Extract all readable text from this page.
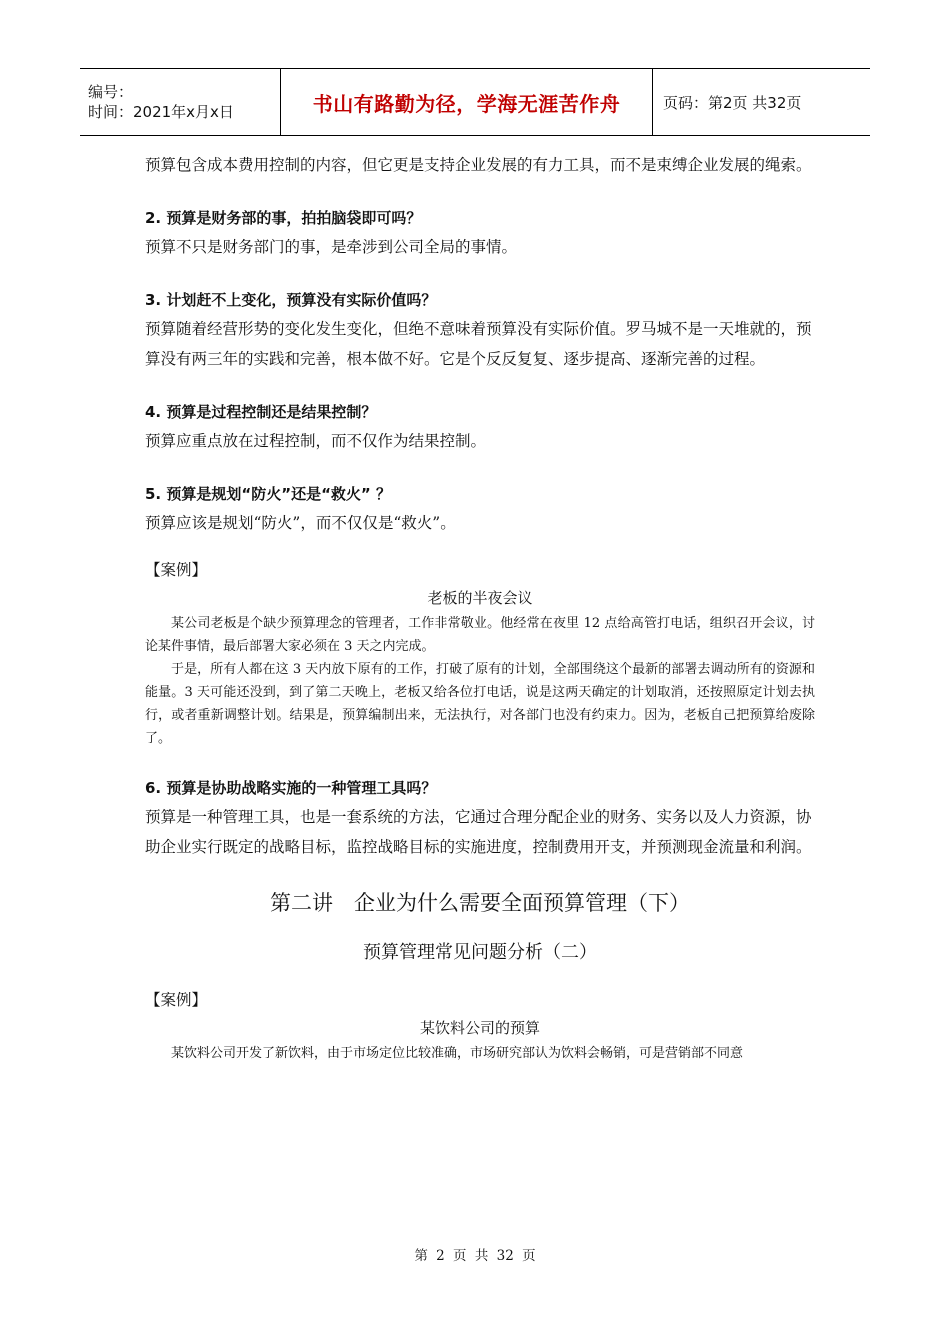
编号：
时间：2021年x月x日	书山有路勤为径，学海无涯苦作舟	页码：第2页 共32页

预算包含成本费用控制的内容，但它更是支持企业发展的有力工具，而不是束缚企业发展的绳索。

2. 预算是财务部的事，拍拍脑袋即可吗？

预算不只是财务部门的事，是牵涉到公司全局的事情。

3. 计划赶不上变化，预算没有实际价值吗？

预算随着经营形势的变化发生变化，但绝不意味着预算没有实际价值。罗马城不是一天堆就的，预算没有两三年的实践和完善，根本做不好。它是个反反复复、逐步提高、逐渐完善的过程。

4. 预算是过程控制还是结果控制？

预算应重点放在过程控制，而不仅作为结果控制。

5. 预算是规划“防火”还是“救火” ？

预算应该是规划“防火”，而不仅仅是“救火”。

【案例】

老板的半夜会议

某公司老板是个缺少预算理念的管理者，工作非常敬业。他经常在夜里 12 点给高管打电话，组织召开会议，讨论某件事情，最后部署大家必须在 3 天之内完成。

于是，所有人都在这 3 天内放下原有的工作，打破了原有的计划，全部围绕这个最新的部署去调动所有的资源和能量。3 天可能还没到，到了第二天晚上，老板又给各位打电话，说是这两天确定的计划取消，还按照原定计划去执行，或者重新调整计划。结果是，预算编制出来，无法执行，对各部门也没有约束力。因为，老板自己把预算给废除了。

6. 预算是协助战略实施的一种管理工具吗？

预算是一种管理工具，也是一套系统的方法，它通过合理分配企业的财务、实务以及人力资源，协助企业实行既定的战略目标，监控战略目标的实施进度，控制费用开支，并预测现金流量和利润。

第二讲　企业为什么需要全面预算管理（下）

预算管理常见问题分析（二）

【案例】

某饮料公司的预算

某饮料公司开发了新饮料，由于市场定位比较准确，市场研究部认为饮料会畅销，可是营销部不同意

第 2 页 共 32 页
